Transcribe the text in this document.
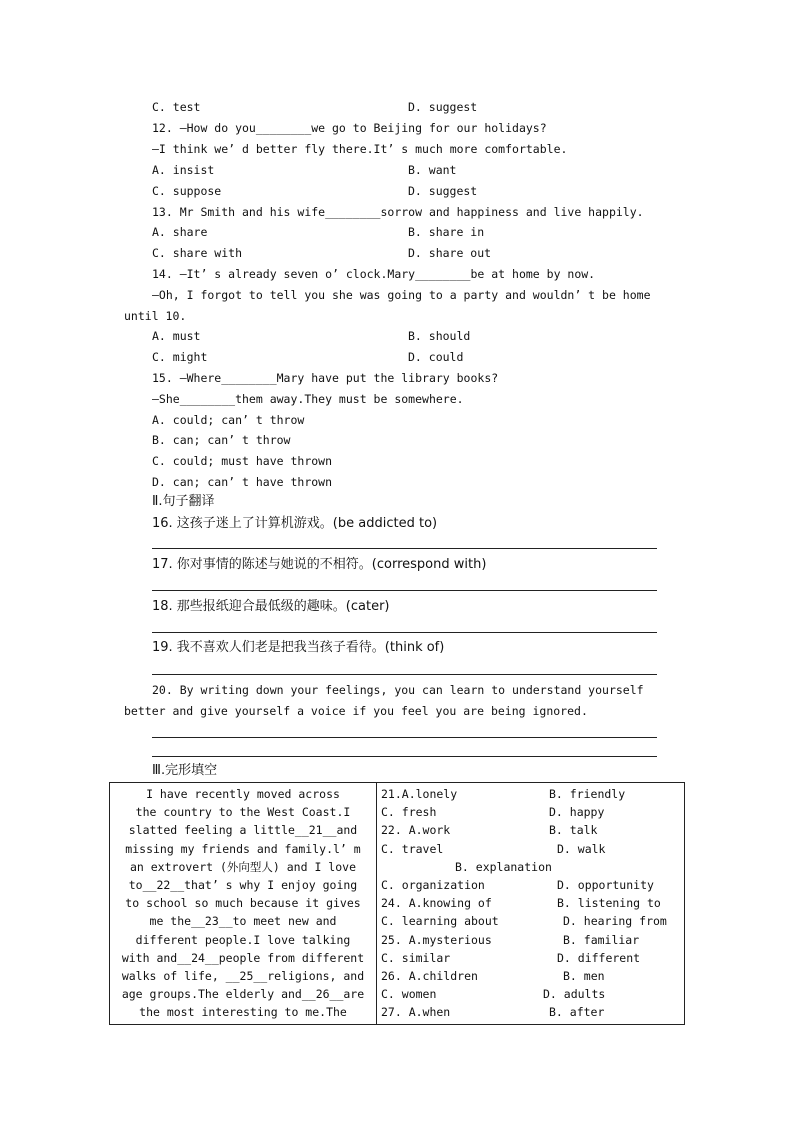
C. test	D. suggest
12. —How do you________we go to Beijing for our holidays?
—I think we’ d better fly there.It’ s much more comfortable.
A. insist	B. want
C. suppose	D. suggest
13. Mr Smith and his wife________sorrow and happiness and live happily.
A. share	B. share in
C. share with	D. share out
14. —It’ s already seven o’ clock.Mary________be at home by now.
—Oh, I forgot to tell you she was going to a party and wouldn’ t be home
until 10.
A. must	B. should
C. might	D. could
15. —Where________Mary have put the library books?
—She________them away.They must be somewhere.
A. could; can’ t throw
B. can; can’ t throw
C. could; must have thrown
D. can; can’ t have thrown
Ⅱ.句子翻译
16. 这孩子迷上了计算机游戏。(be addicted to)
17. 你对事情的陈述与她说的不相符。(correspond with)
18. 那些报纸迎合最低级的趣味。(cater)
19. 我不喜欢人们老是把我当孩子看待。(think of)
20. By writing down your feelings, you can learn to understand yourself
better and give yourself a voice if you feel you are being ignored.
Ⅲ.完形填空
I have recently moved across
the country to the West Coast.I
slatted feeling a little__21__and
missing my friends and family.l’ m
an extrovert (外向型人) and I love
to__22__that’ s why I enjoy going
to school so much because it gives
me the__23__to meet new and
different people.I love talking
with and__24__people from different
walks of life, __25__religions, and
age groups.The elderly and__26__are
the most interesting to me.The

21.A.lonely	B. friendly
C. fresh	D. happy
22. A.work	B. talk
C. travel	D. walk
B. explanation
C. organization	D. opportunity
24. A.knowing of	B. listening to
C. learning about	D. hearing from
25. A.mysterious	B. familiar
C. similar	D. different
26. A.children	B. men
C. women	D. adults
27. A.when	B. after
